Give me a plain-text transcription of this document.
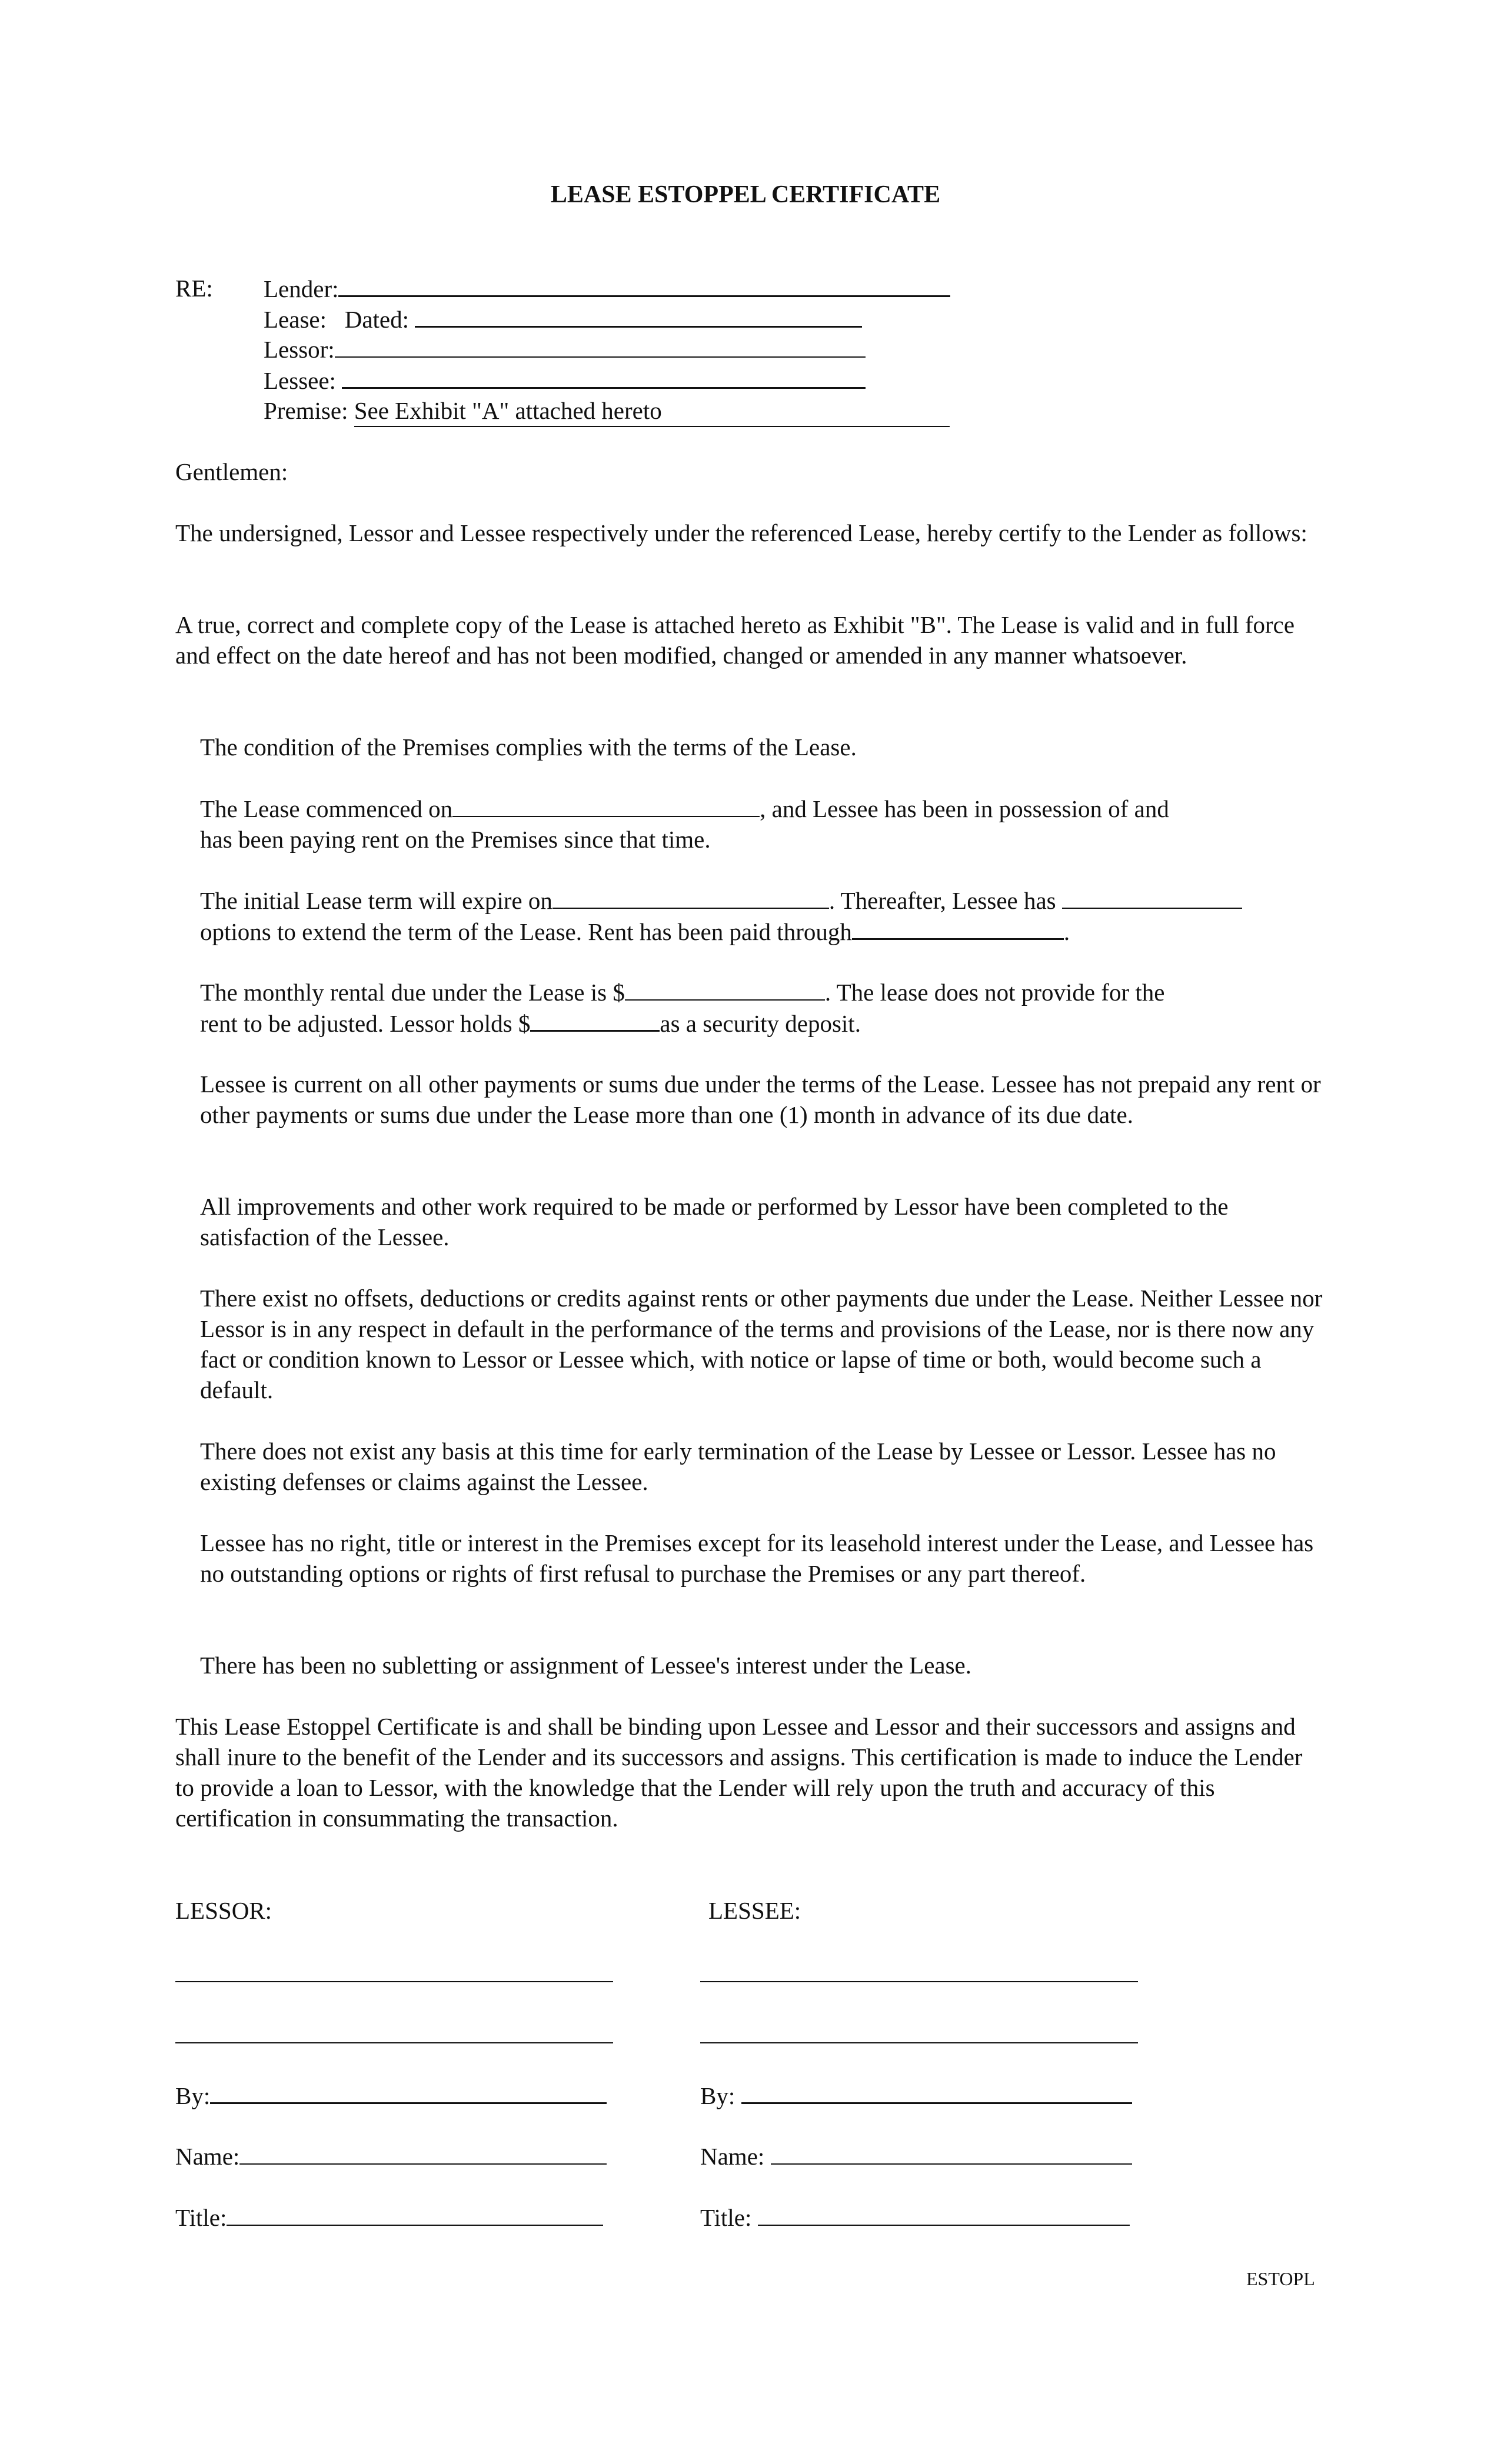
LEASE ESTOPPEL CERTIFICATE
RE: Lender:
Lease: Dated:
Lessor:
Lessee:
Premise: See Exhibit "A" attached hereto
Gentlemen:
The undersigned, Lessor and Lessee respectively under the referenced Lease, hereby certify to the Lender as follows:
A true, correct and complete copy of the Lease is attached hereto as Exhibit "B". The Lease is valid and in full force and effect on the date hereof and has not been modified, changed or amended in any manner whatsoever.
The condition of the Premises complies with the terms of the Lease.
The Lease commenced on	, and Lessee has been in possession of and
has been paying rent on the Premises since that time.
The initial Lease term will expire on	. Thereafter, Lessee has
options to extend the term of the Lease. Rent has been paid through	.
The monthly rental due under the Lease is $	. The lease does not provide for the
rent to be adjusted. Lessor holds $	as a security deposit.
Lessee is current on all other payments or sums due under the terms of the Lease. Lessee has not prepaid any rent or other payments or sums due under the Lease more than one (1) month in advance of its due date.
All improvements and other work required to be made or performed by Lessor have been completed to the satisfaction of the Lessee.
There exist no offsets, deductions or credits against rents or other payments due under the Lease. Neither Lessee nor Lessor is in any respect in default in the performance of the terms and provisions of the Lease, nor is there now any fact or condition known to Lessor or Lessee which, with notice or lapse of time or both, would become such a default.
There does not exist any basis at this time for early termination of the Lease by Lessee or Lessor. Lessee has no existing defenses or claims against the Lessee.
Lessee has no right, title or interest in the Premises except for its leasehold interest under the Lease, and Lessee has no outstanding options or rights of first refusal to purchase the Premises or any part thereof.
There has been no subletting or assignment of Lessee's interest under the Lease.
This Lease Estoppel Certificate is and shall be binding upon Lessee and Lessor and their successors and assigns and shall inure to the benefit of the Lender and its successors and assigns. This certification is made to induce the Lender to provide a loan to Lessor, with the knowledge that the Lender will rely upon the truth and accuracy of this certification in consummating the transaction.
LESSOR:	LESSEE:
By:	By:
Name:	Name:
Title:	Title:
ESTOPL
